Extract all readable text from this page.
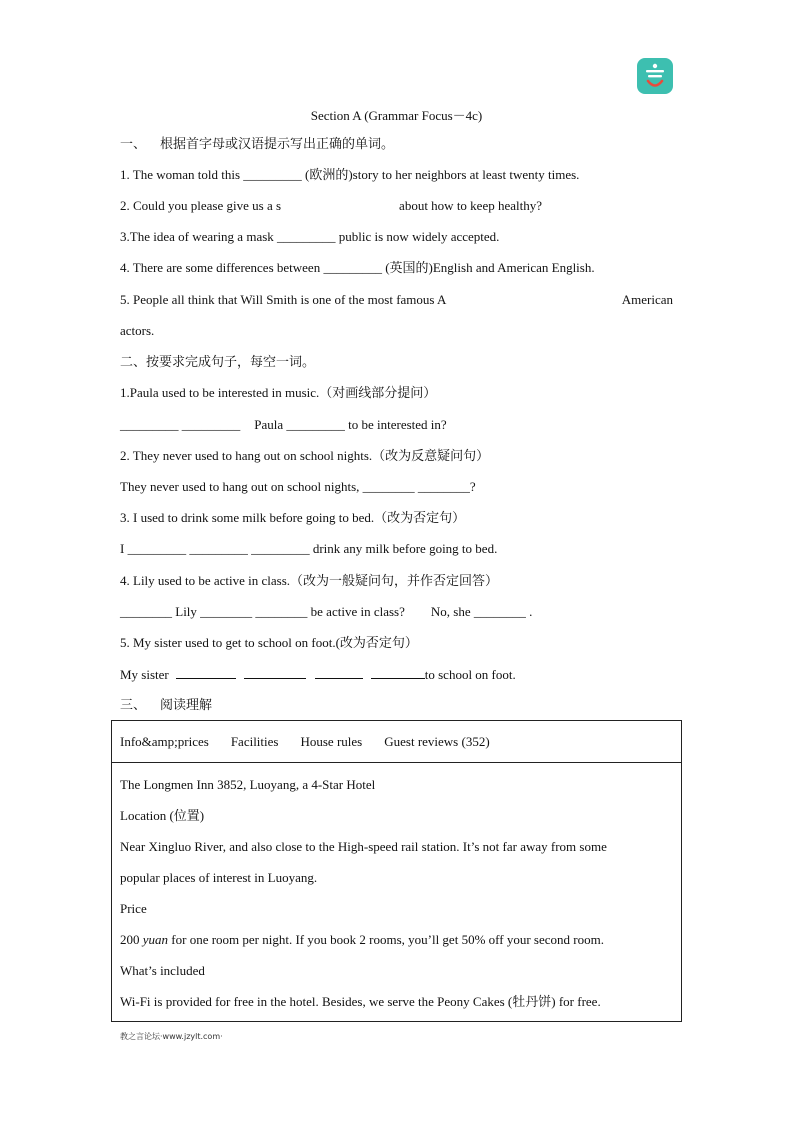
Section A (Grammar Focus－4c)
一、 根据首字母或汉语提示写出正确的单词。
1. The woman told this _________ (欧洲的)story to her neighbors at least twenty times.
2. Could you please give us a s	about how to keep healthy?
3.The idea of wearing a mask _________ public is now widely accepted.
4. There are some differences between _________ (英国的)English and American English.
5. People all think that Will Smith is one of the most famous A	American
actors.
二、按要求完成句子，每空一词。
1.Paula used to be interested in music.（对画线部分提问）
_________ _________ Paula _________ to be interested in?
2. They never used to hang out on school nights.（改为反意疑问句）
They never used to hang out on school nights, ________ ________?
3. I used to drink some milk before going to bed.（改为否定句）
I _________ _________ _________ drink any milk before going to bed.
4. Lily used to be active in class.（改为一般疑问句，并作否定回答）
________ Lily ________ ________ be active in class? No, she ________ .
5. My sister used to get to school on foot.(改为否定句）
My sister	to school on foot.
三、 阅读理解
Info&amp;prices Facilities House rules Guest reviews (352)

The Longmen Inn 3852, Luoyang, a 4-Star Hotel
Location (位置)
Near Xingluo River, and also close to the High-speed rail station. It’s not far away from some
popular places of interest in Luoyang.
Price
200 yuan for one room per night. If you book 2 rooms, you’ll get 50% off your second room.
What’s included
Wi-Fi is provided for free in the hotel. Besides, we serve the Peony Cakes (牡丹饼) for free.
教之言论坛·www.jzylt.com·
